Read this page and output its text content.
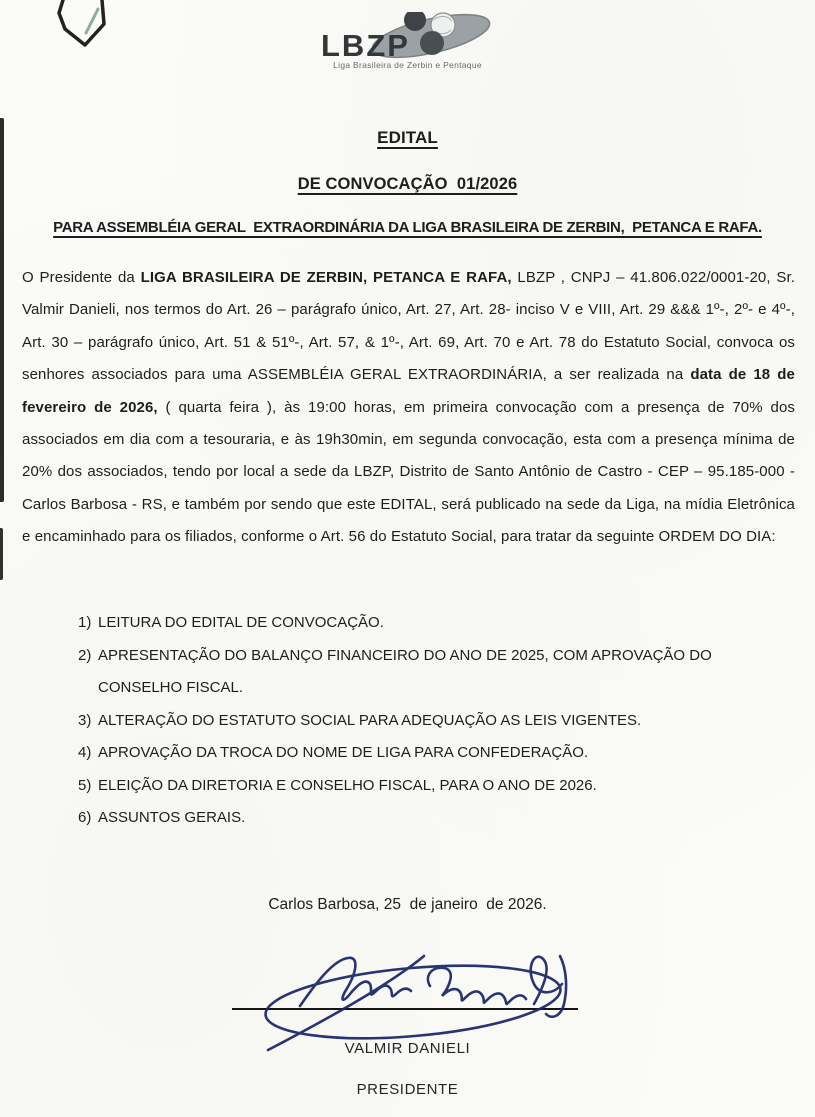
LBZP
Liga Brasileira de Zerbin e Pentaque
EDITAL
DE CONVOCAÇÃO  01/2026
PARA ASSEMBLÉIA GERAL  EXTRAORDINÁRIA DA LIGA BRASILEIRA DE ZERBIN,  PETANCA E RAFA.
O Presidente da LIGA BRASILEIRA DE ZERBIN, PETANCA E RAFA, LBZP , CNPJ – 41.806.022/0001-20, Sr. Valmir Danieli, nos termos do Art. 26 – parágrafo único, Art. 27, Art. 28- inciso V e VIII, Art. 29 &&& 1º-, 2º- e 4º-, Art. 30 – parágrafo único, Art. 51 & 51º-, Art. 57, & 1º-, Art. 69, Art. 70 e Art. 78 do Estatuto Social, convoca os senhores associados para uma ASSEMBLÉIA GERAL EXTRAORDINÁRIA, a ser realizada na data de 18 de fevereiro de 2026, ( quarta feira ), às 19:00 horas, em primeira convocação com a presença de 70% dos associados em dia com a tesouraria, e às 19h30min, em segunda convocação, esta com a presença mínima de 20% dos associados, tendo por local a sede da LBZP, Distrito de Santo Antônio de Castro - CEP – 95.185-000 - Carlos Barbosa - RS, e também por sendo que este EDITAL, será publicado na sede da Liga, na mídia Eletrônica e encaminhado para os filiados, conforme o Art. 56 do Estatuto Social, para tratar da seguinte ORDEM DO DIA:
1) LEITURA DO EDITAL DE CONVOCAÇÃO.
2) APRESENTAÇÃO DO BALANÇO FINANCEIRO DO ANO DE 2025, COM APROVAÇÃO DO CONSELHO FISCAL.
3) ALTERAÇÃO DO ESTATUTO SOCIAL PARA ADEQUAÇÃO AS LEIS VIGENTES.
4) APROVAÇÃO DA TROCA DO NOME DE LIGA PARA CONFEDERAÇÃO.
5) ELEIÇÃO DA DIRETORIA E CONSELHO FISCAL, PARA O ANO DE 2026.
6) ASSUNTOS GERAIS.
Carlos Barbosa, 25  de janeiro  de 2026.
VALMIR DANIELI
PRESIDENTE
